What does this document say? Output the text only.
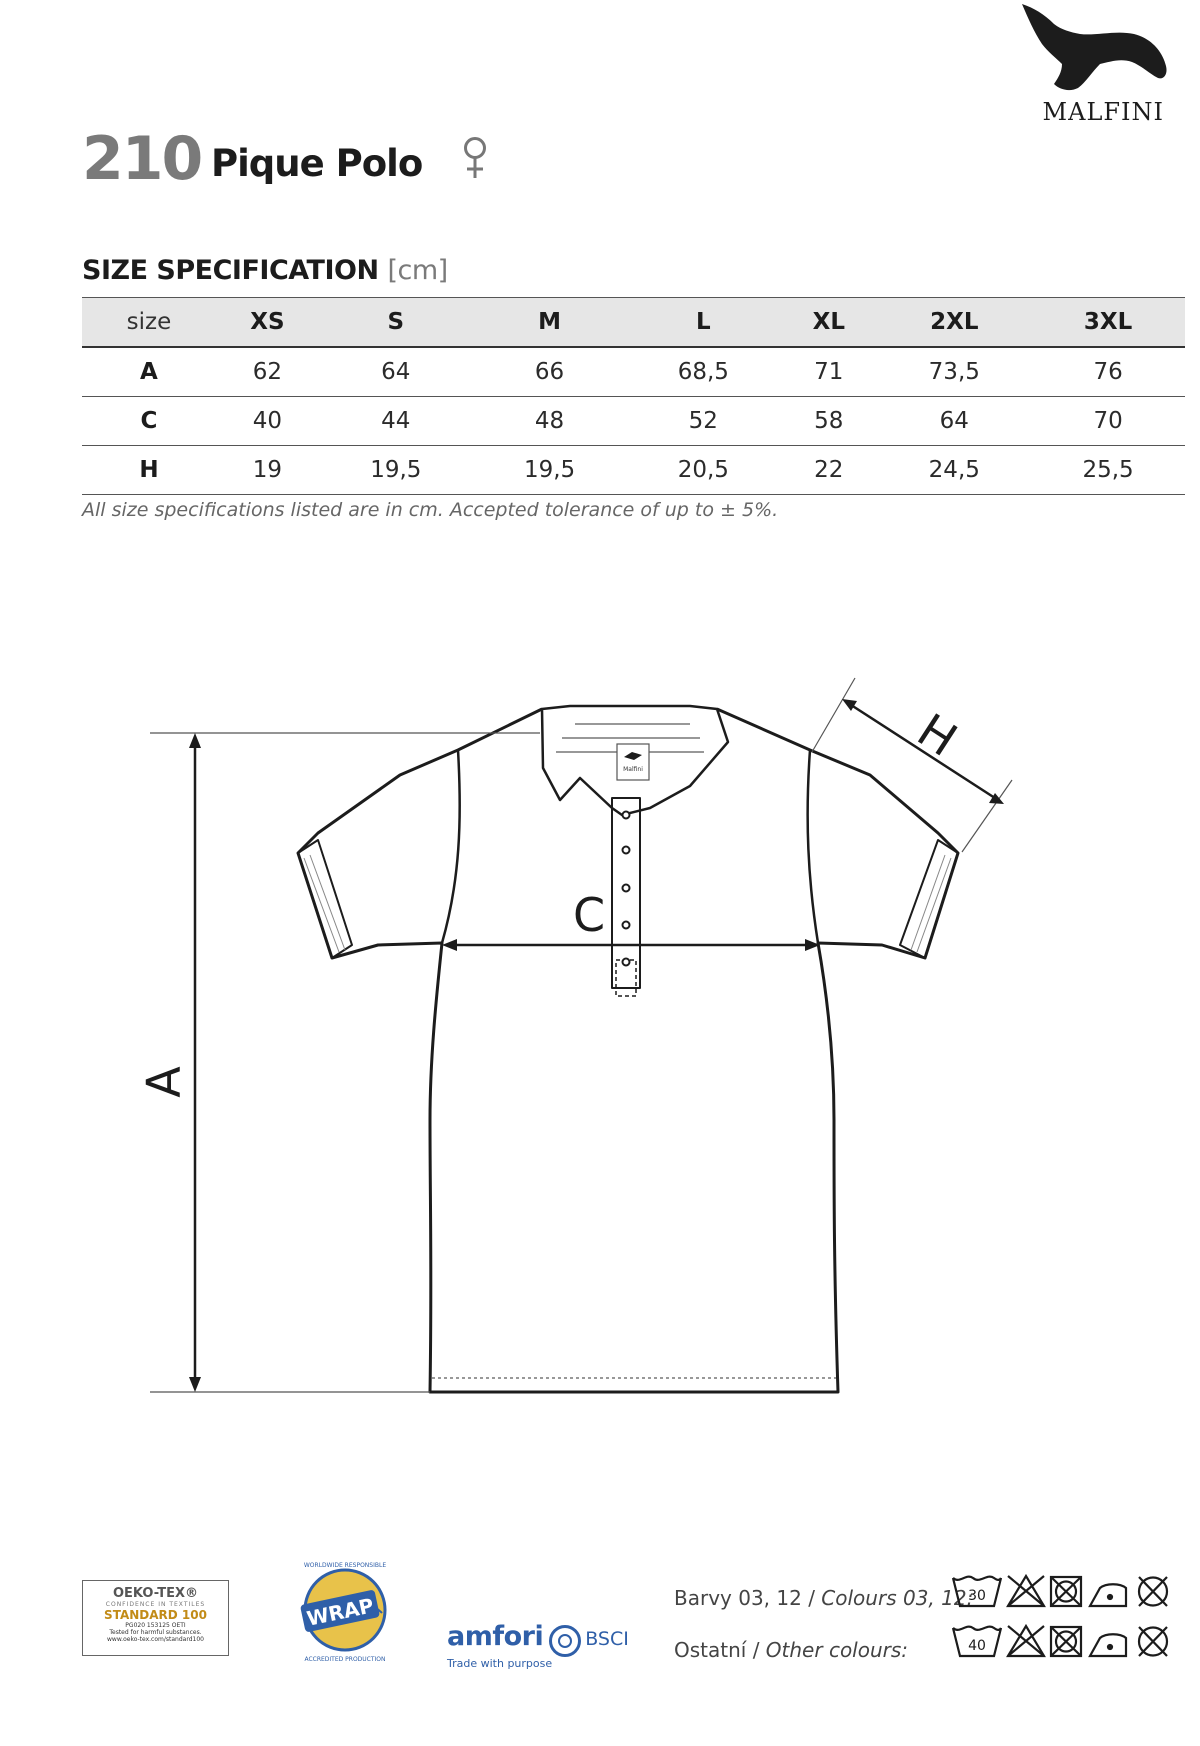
MALFINI
210 Pique Polo
SIZE SPECIFICATION [cm]
size	XS	S	M	L	XL	2XL	3XL
A	62	64	66	68,5	71	73,5	76
C	40	44	48	52	58	64	70
H	19	19,5	19,5	20,5	22	24,5	25,5
All size specifications listed are in cm. Accepted tolerance of up to ± 5%.
Malfini
A
C
H
OEKO-TEX®
CONFIDENCE IN TEXTILES
STANDARD 100
PG020 153125 OETI
Tested for harmful substances.
www.oeko-tex.com/standard100
WRAP
WORLDWIDE RESPONSIBLE
ACCREDITED PRODUCTION
amfori BSCI
Trade with purpose
Barvy 03, 12 / Colours 03, 12:
Ostatní / Other colours:
30
40
